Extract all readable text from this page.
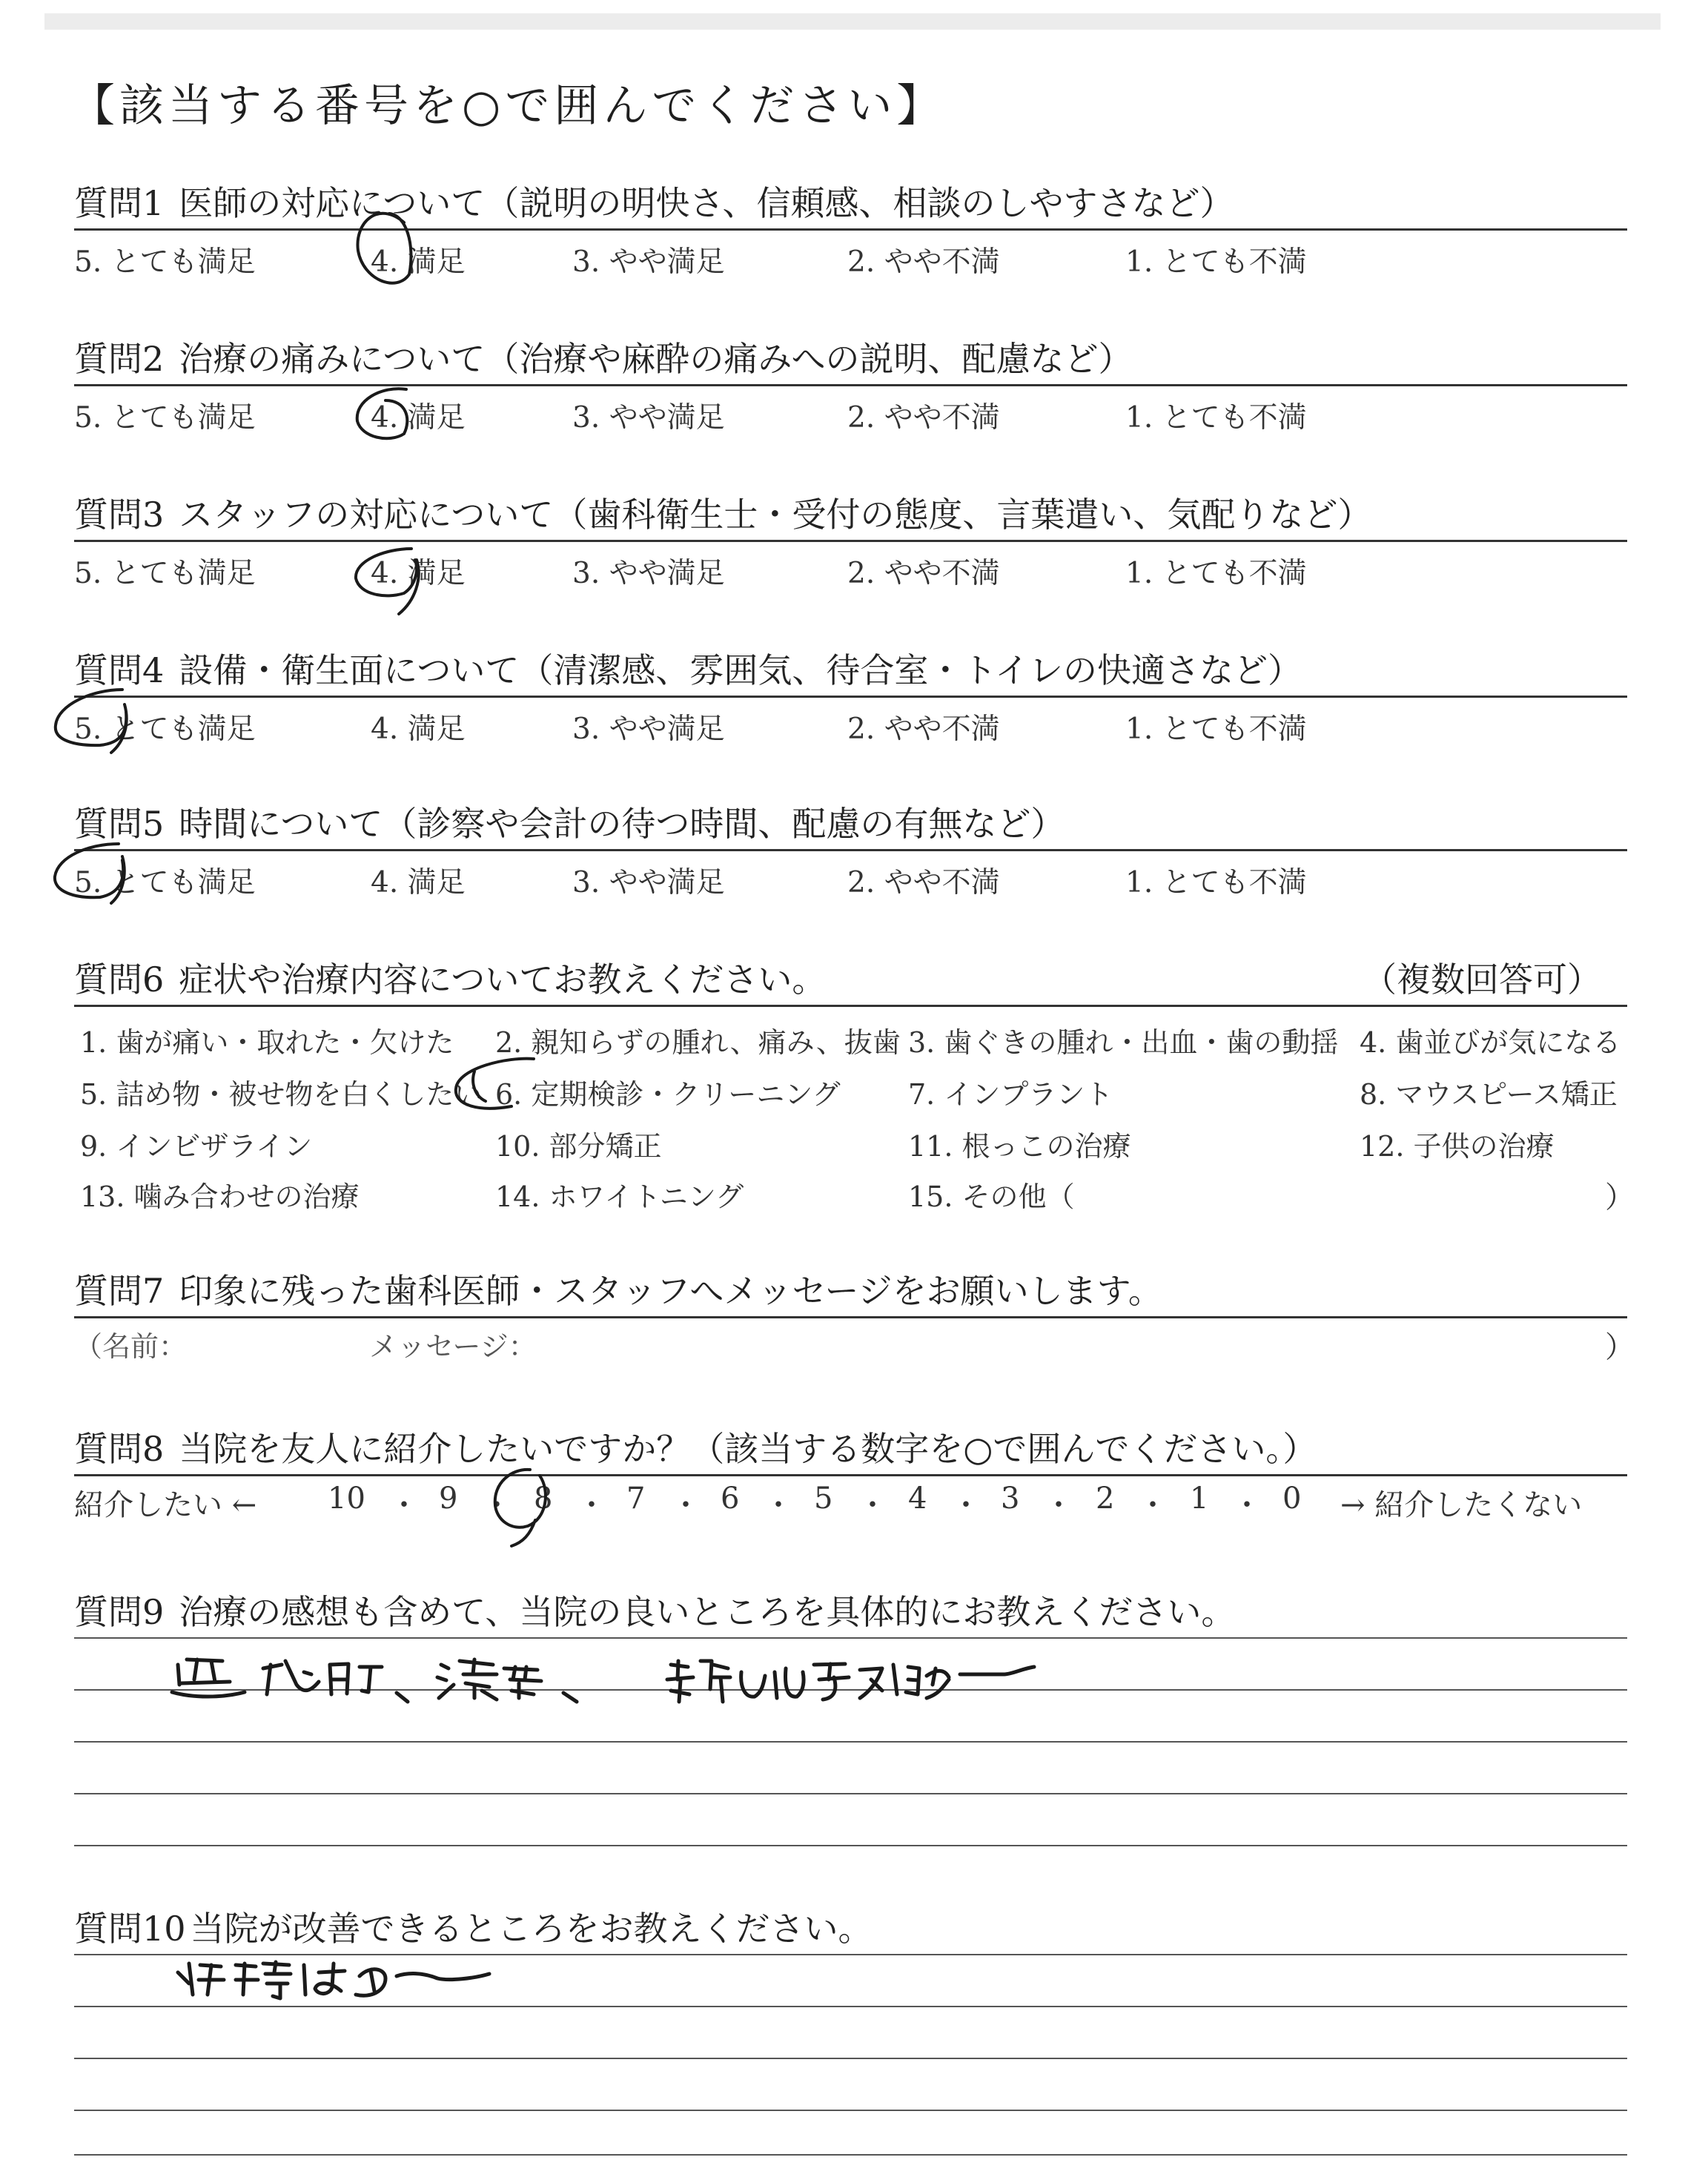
【該当する番号を○で囲んでください】
質問1 医師の対応について（説明の明快さ、信頼感、相談のしやすさなど）
5. とても満足	4. 満足	3. やや満足	2. やや不満	1. とても不満
質問2 治療の痛みについて（治療や麻酔の痛みへの説明、配慮など）
5. とても満足	4. 満足	3. やや満足	2. やや不満	1. とても不満
質問3 スタッフの対応について（歯科衛生士・受付の態度、言葉遣い、気配りなど）
5. とても満足	4. 満足	3. やや満足	2. やや不満	1. とても不満
質問4 設備・衛生面について（清潔感、雰囲気、待合室・トイレの快適さなど）
5. とても満足	4. 満足	3. やや満足	2. やや不満	1. とても不満
質問5 時間について（診察や会計の待つ時間、配慮の有無など）
5. とても満足	4. 満足	3. やや満足	2. やや不満	1. とても不満
質問6 症状や治療内容についてお教えください。	（複数回答可）
1. 歯が痛い・取れた・欠けた 2. 親知らずの腫れ、痛み、抜歯 3. 歯ぐきの腫れ・出血・歯の動揺 4. 歯並びが気になる
5. 詰め物・被せ物を白くしたい 6. 定期検診・クリーニング 7. インプラント	8. マウスピース矯正
9. インビザライン	10. 部分矯正	11. 根っこの治療	12. 子供の治療
13. 噛み合わせの治療	14. ホワイトニング	15. その他（	）
質問7 印象に残った歯科医師・スタッフへメッセージをお願いします。
（名前：	メッセージ：	）
質問8 当院を友人に紹介したいですか？（該当する数字を○で囲んでください。）
紹介したい ← 10 ・ 9 ・ 8 ・ 7 ・ 6 ・ 5 ・ 4 ・ 3 ・ 2 ・ 1 ・ 0 → 紹介したくない
質問9 治療の感想も含めて、当院の良いところを具体的にお教えください。
質問10 当院が改善できるところをお教えください。
